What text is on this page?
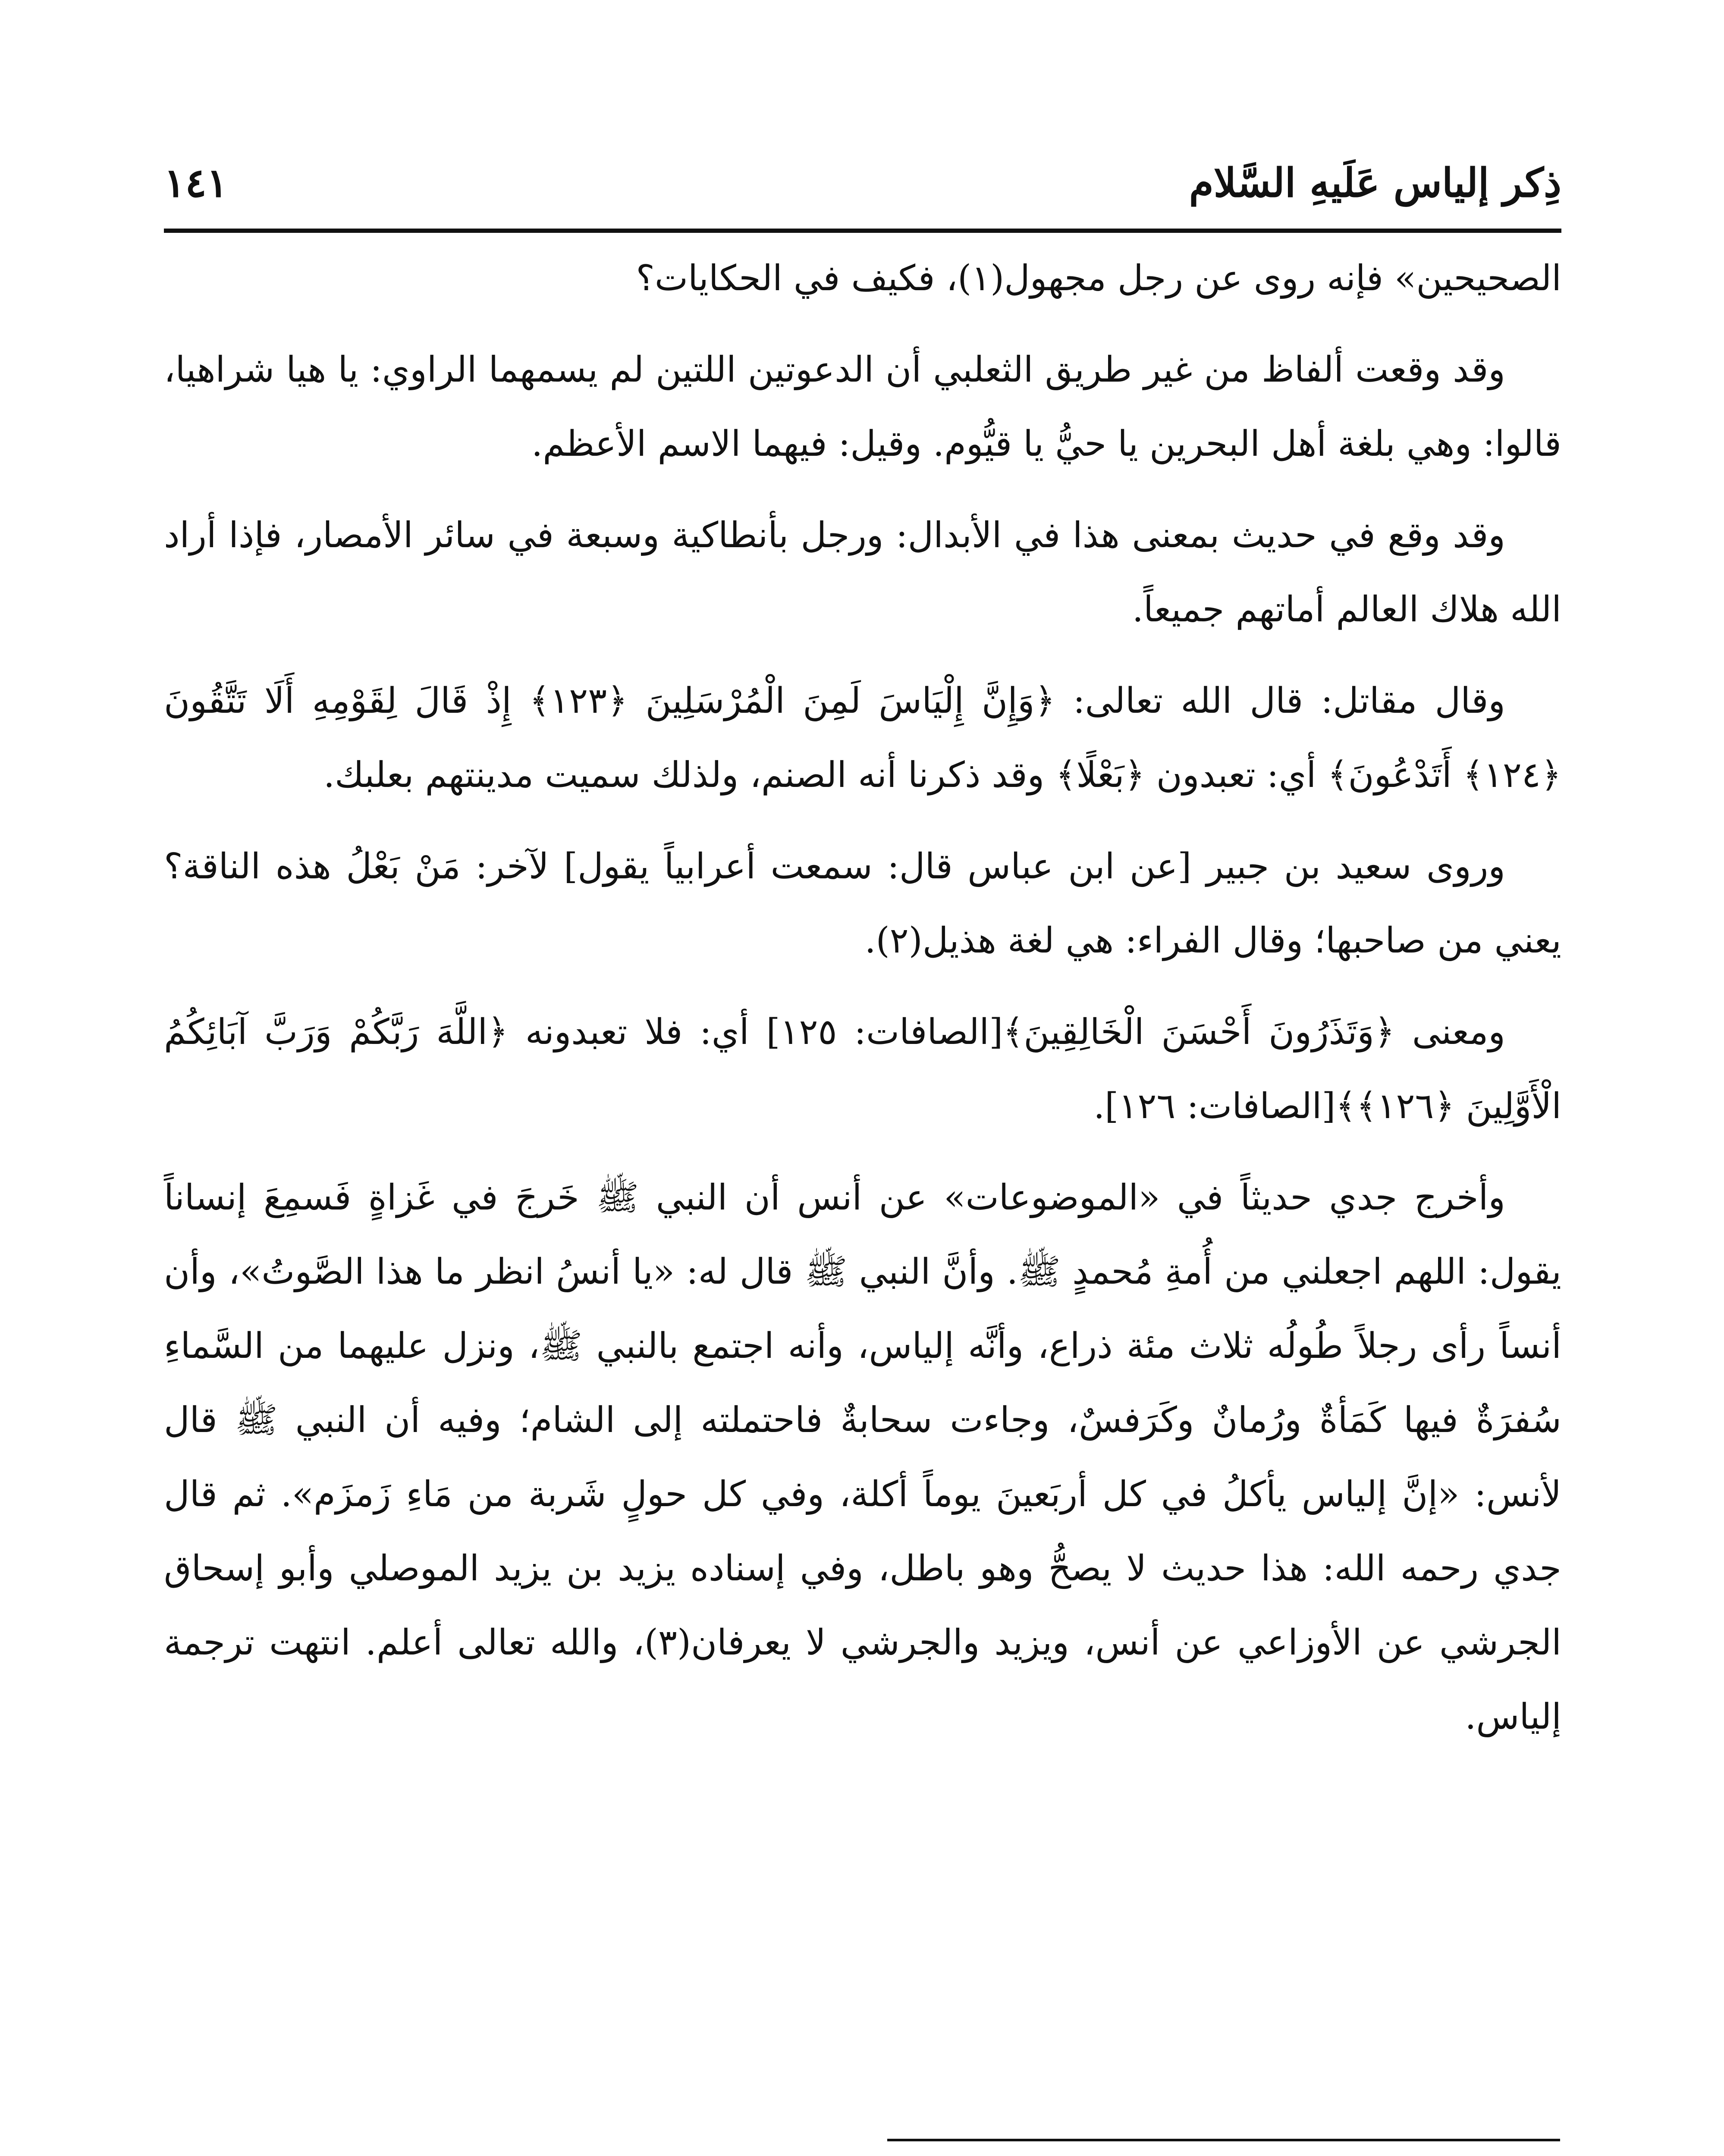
ذِكر إلياس عَلَيهِ السَّلام
١٤١

الصحيحين» فإنه روى عن رجل مجهول(١)، فكيف في الحكايات؟

وقد وقعت ألفاظ من غير طريق الثعلبي أن الدعوتين اللتين لم يسمهما الراوي: يا هيا شراهيا، قالوا: وهي بلغة أهل البحرين يا حيُّ يا قيُّوم. وقيل: فيهما الاسم الأعظم.

وقد وقع في حديث بمعنى هذا في الأبدال: ورجل بأنطاكية وسبعة في سائر الأمصار، فإذا أراد الله هلاك العالم أماتهم جميعاً.

وقال مقاتل: قال الله تعالى: ﴿وَإِنَّ إِلْيَاسَ لَمِنَ الْمُرْسَلِينَ ﴿١٢٣﴾ إِذْ قَالَ لِقَوْمِهِ أَلَا تَتَّقُونَ ﴿١٢٤﴾ أَتَدْعُونَ﴾ أي: تعبدون ﴿بَعْلًا﴾ وقد ذكرنا أنه الصنم، ولذلك سميت مدينتهم بعلبك.

وروى سعيد بن جبير [عن ابن عباس قال: سمعت أعرابياً يقول] لآخر: مَنْ بَعْلُ هذه الناقة؟ يعني من صاحبها؛ وقال الفراء: هي لغة هذيل(٢).

ومعنى ﴿وَتَذَرُونَ أَحْسَنَ الْخَالِقِينَ﴾[الصافات: ١٢٥] أي: فلا تعبدونه ﴿اللَّهَ رَبَّكُمْ وَرَبَّ آبَائِكُمُ الْأَوَّلِينَ ﴿١٢٦﴾﴾[الصافات: ١٢٦].

وأخرج جدي حديثاً في «الموضوعات» عن أنس أن النبي ﷺ خَرجَ في غَزاةٍ فَسمِعَ إنساناً يقول: اللهم اجعلني من أُمةِ مُحمدٍ ﷺ. وأنَّ النبي ﷺ قال له: «يا أنسُ انظر ما هذا الصَّوتُ»، وأن أنساً رأى رجلاً طُولُه ثلاث مئة ذراع، وأنَّه إلياس، وأنه اجتمع بالنبي ﷺ، ونزل عليهما من السَّماءِ سُفرَةٌ فيها كَمَأةٌ ورُمانٌ وكَرَفسٌ، وجاءت سحابةٌ فاحتملته إلى الشام؛ وفيه أن النبي ﷺ قال لأنس: «إنَّ إلياس يأكلُ في كل أربَعينَ يوماً أكلة، وفي كل حولٍ شَربة من مَاءِ زَمزَم». ثم قال جدي رحمه الله: هذا حديث لا يصحُّ وهو باطل، وفي إسناده يزيد بن يزيد الموصلي وأبو إسحاق الجرشي عن الأوزاعي عن أنس، ويزيد والجرشي لا يعرفان(٣)، والله تعالى أعلم. انتهت ترجمة إلياس.
